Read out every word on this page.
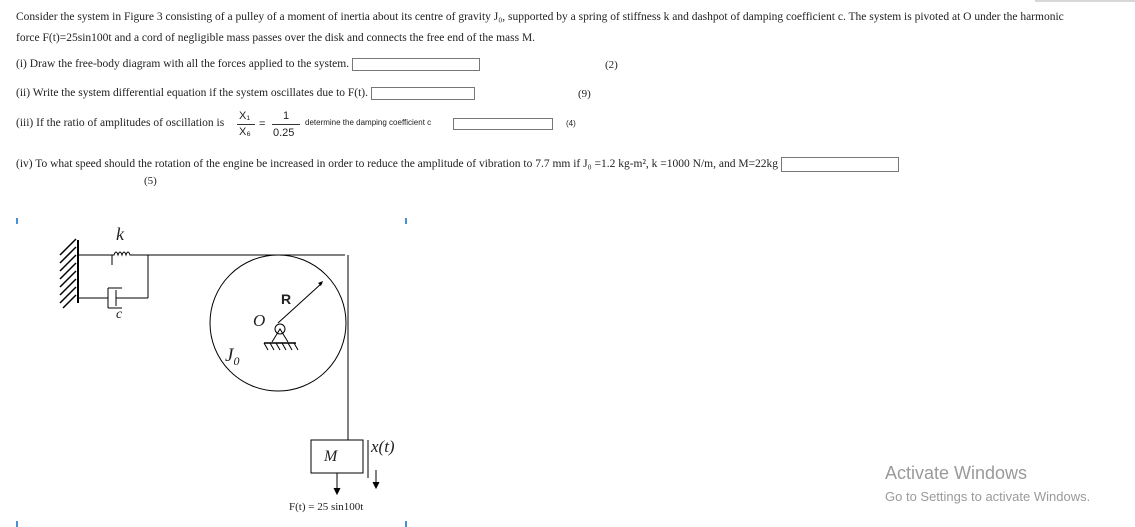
Consider the system in Figure 3 consisting of a pulley of a moment of inertia about its centre of gravity J₀, supported by a spring of stiffness k and dashpot of damping coefficient c. The system is pivoted at O under the harmonic
force F(t)=25sin100t and a cord of negligible mass passes over the disk and connects the free end of the mass M.
(i) Draw the free-body diagram with all the forces applied to the system.	(2)
(ii) Write the system differential equation if the system oscillates due to F(t).	(9)
(iii) If the ratio of amplitudes of oscillation is
X₁
X₆
=
1
0.25
determine the damping coefficient c	(4)
(iv) To what speed should the rotation of the engine be increased in order to reduce the amplitude of vibration to 7.7 mm if J₀ =1.2 kg-m², k =1000 N/m, and M=22kg
(5)
k
c
R
O
$J_0$
M
x(t)
F(t) = 25 sin100t
Activate Windows
Go to Settings to activate Windows.
